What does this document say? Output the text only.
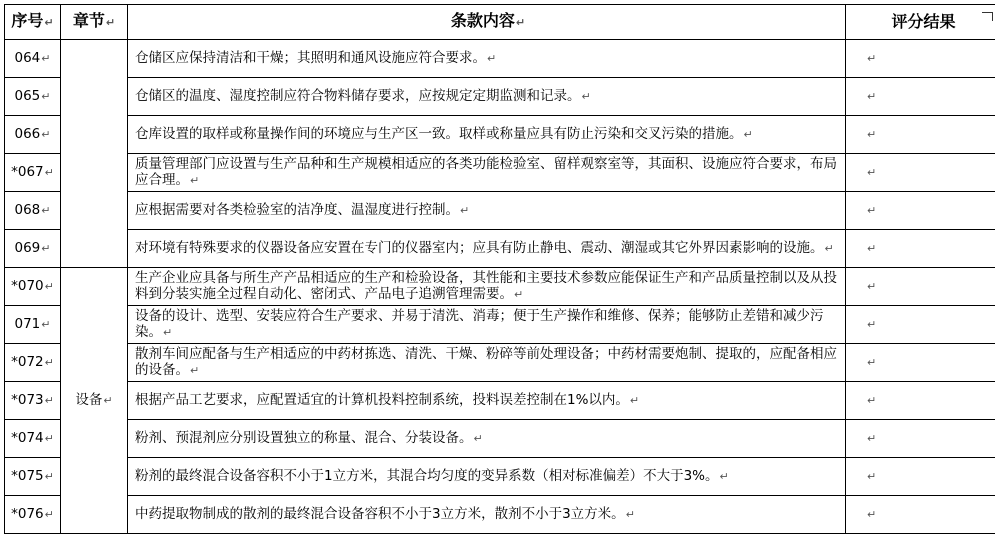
序号↵	章节↵	条款内容↵	评分结果
064↵		仓储区应保持清洁和干燥；其照明和通风设施应符合要求。↵	↵
065↵		仓储区的温度、湿度控制应符合物料储存要求，应按规定定期监测和记录。↵	↵
066↵		仓库设置的取样或称量操作间的环境应与生产区一致。取样或称量应具有防止污染和交叉污染的措施。↵	↵
*067↵		质量管理部门应设置与生产品种和生产规模相适应的各类功能检验室、留样观察室等，其面积、设施应符合要求，布局应合理。↵	↵
068↵		应根据需要对各类检验室的洁净度、温湿度进行控制。↵	↵
069↵		对环境有特殊要求的仪器设备应安置在专门的仪器室内；应具有防止静电、震动、潮湿或其它外界因素影响的设施。↵	↵
*070↵	设备↵	生产企业应具备与所生产产品相适应的生产和检验设备，其性能和主要技术参数应能保证生产和产品质量控制以及从投料到分装实施全过程自动化、密闭式、产品电子追溯管理需要。↵	↵
071↵		设备的设计、选型、安装应符合生产要求、并易于清洗、消毒；便于生产操作和维修、保养；能够防止差错和减少污染。↵	↵
*072↵		散剂车间应配备与生产相适应的中药材拣选、清洗、干燥、粉碎等前处理设备；中药材需要炮制、提取的，应配备相应的设备。↵	↵
*073↵		根据产品工艺要求，应配置适宜的计算机投料控制系统，投料误差控制在1%以内。↵	↵
*074↵		粉剂、预混剂应分别设置独立的称量、混合、分装设备。↵	↵
*075↵		粉剂的最终混合设备容积不小于1立方米，其混合均匀度的变异系数（相对标准偏差）不大于3%。↵	↵
*076↵		中药提取物制成的散剂的最终混合设备容积不小于3立方米，散剂不小于3立方米。↵	↵
